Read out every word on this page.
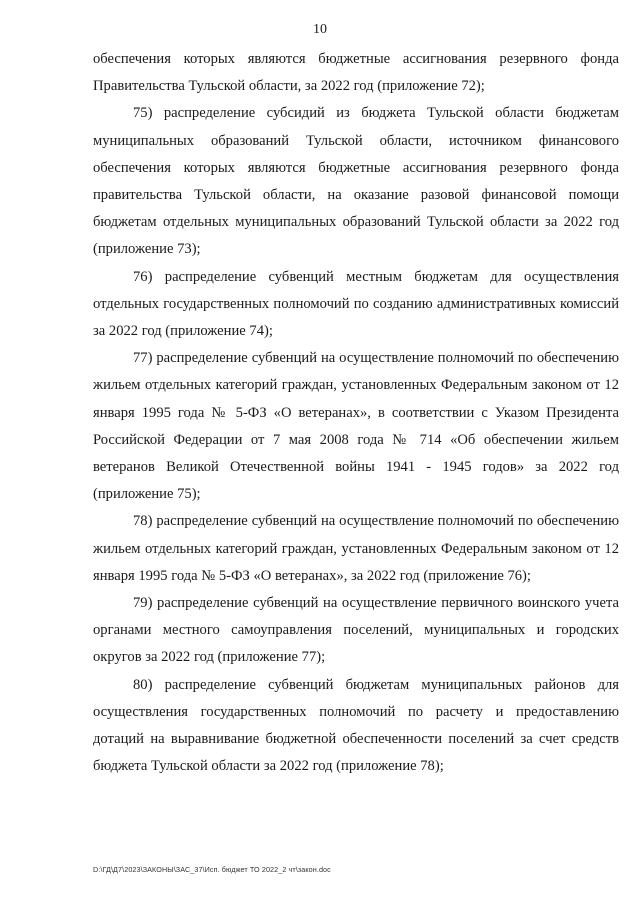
10

обеспечения которых являются бюджетные ассигнования резервного фонда Правительства Тульской области, за 2022 год (приложение 72);

75) распределение субсидий из бюджета Тульской области бюджетам муниципальных образований Тульской области, источником финансового обеспечения которых являются бюджетные ассигнования резервного фонда правительства Тульской области, на оказание разовой финансовой помощи бюджетам отдельных муниципальных образований Тульской области за 2022 год (приложение 73);

76) распределение субвенций местным бюджетам для осуществления отдельных государственных полномочий по созданию административных комиссий за 2022 год (приложение 74);

77) распределение субвенций на осуществление полномочий по обеспечению жильем отдельных категорий граждан, установленных Федеральным законом от 12 января 1995 года № 5-ФЗ «О ветеранах», в соответствии с Указом Президента Российской Федерации от 7 мая 2008 года № 714 «Об обеспечении жильем ветеранов Великой Отечественной войны 1941 - 1945 годов» за 2022 год (приложение 75);

78) распределение субвенций на осуществление полномочий по обеспечению жильем отдельных категорий граждан, установленных Федеральным законом от 12 января 1995 года № 5-ФЗ «О ветеранах», за 2022 год (приложение 76);

79) распределение субвенций на осуществление первичного воинского учета органами местного самоуправления поселений, муниципальных и городских округов за 2022 год (приложение 77);

80) распределение субвенций бюджетам муниципальных районов для осуществления государственных полномочий по расчету и предоставлению дотаций на выравнивание бюджетной обеспеченности поселений за счет средств бюджета Тульской области за 2022 год (приложение 78);

D:\ГД\Д7\2023\ЗАКОНЫ\ЗАС_37\Исп. бюджет ТО 2022_2 чт\закон.doc
